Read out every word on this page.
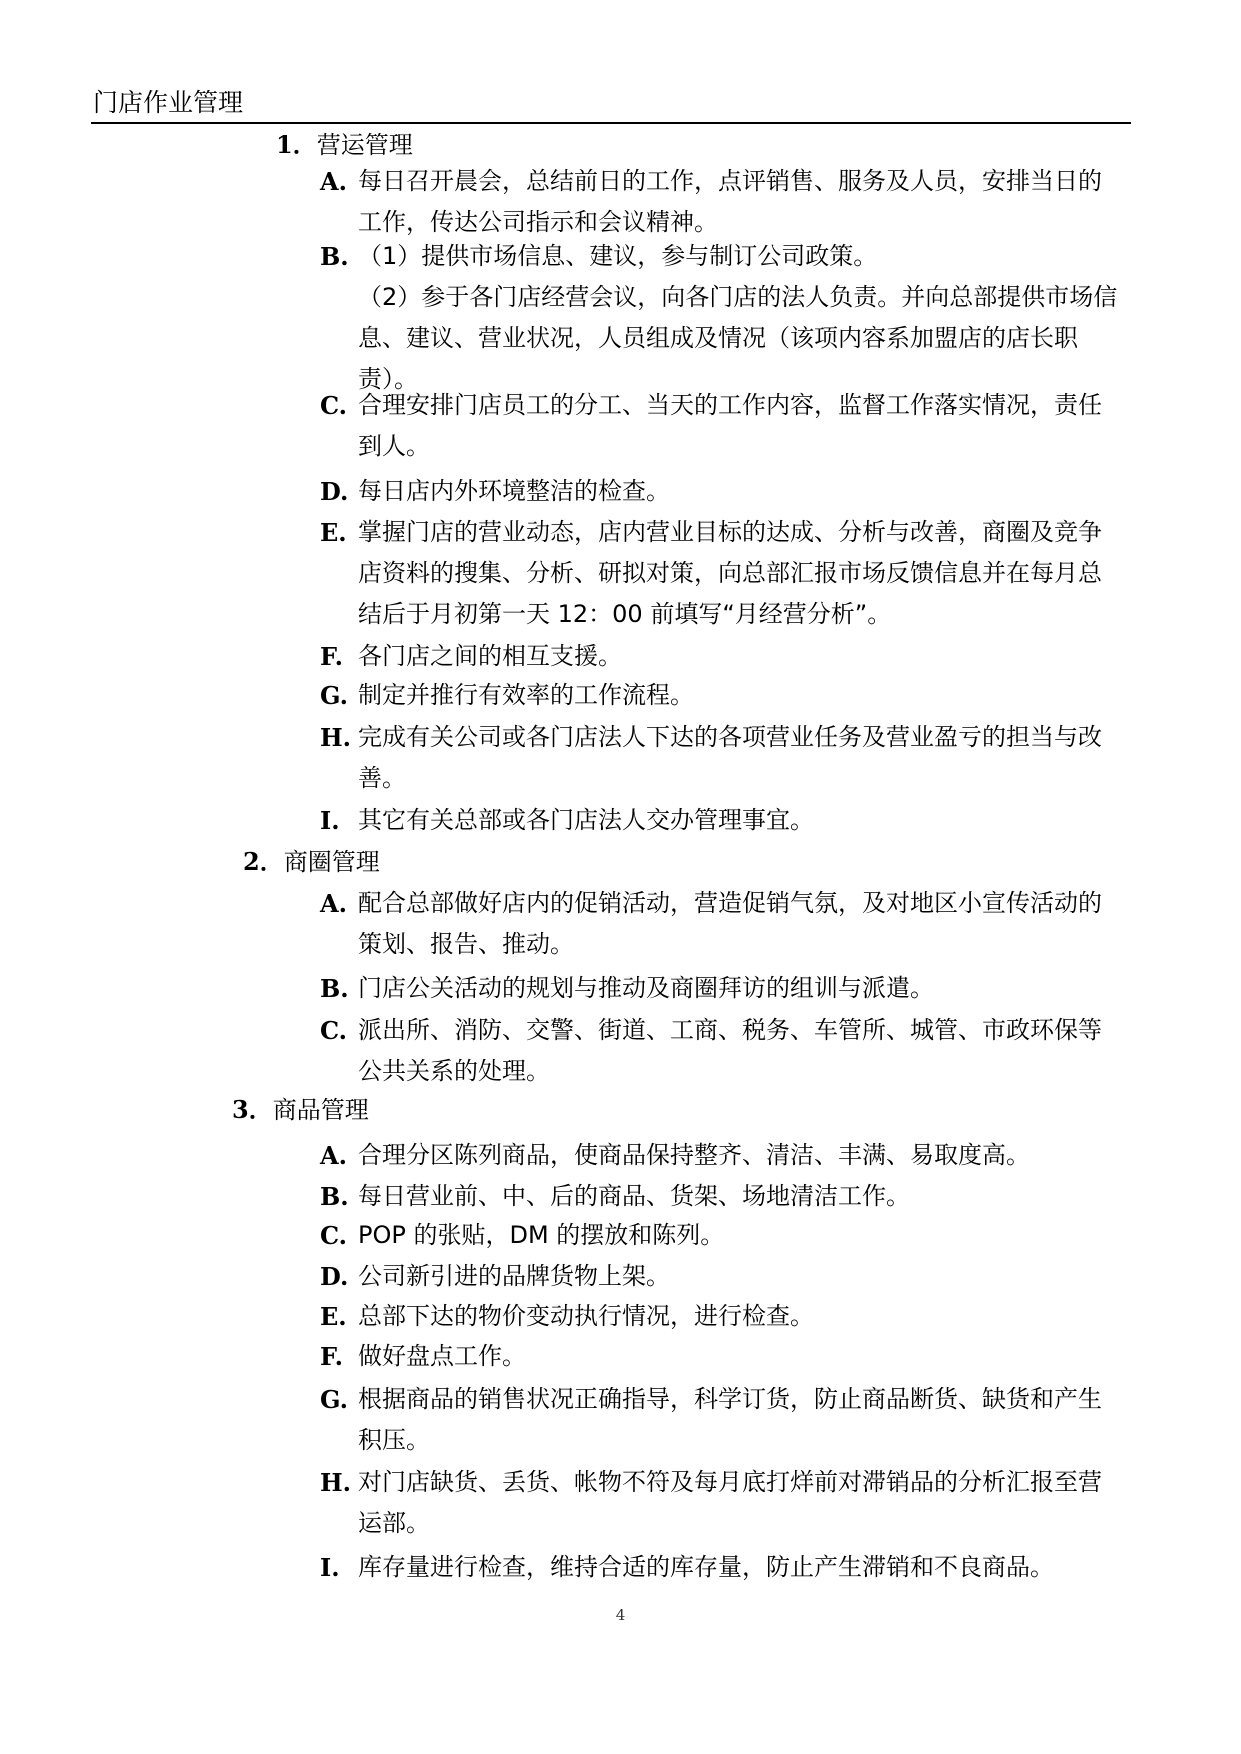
门店作业管理
1．营运管理
A. 每日召开晨会，总结前日的工作，点评销售、服务及人员，安排当日的
工作，传达公司指示和会议精神。
B. （1）提供市场信息、建议，参与制订公司政策。
（2）参于各门店经营会议，向各门店的法人负责。并向总部提供市场信
息、建议、营业状况，人员组成及情况（该项内容系加盟店的店长职
责）。
C. 合理安排门店员工的分工、当天的工作内容，监督工作落实情况，责任
到人。
D. 每日店内外环境整洁的检查。
E. 掌握门店的营业动态，店内营业目标的达成、分析与改善，商圈及竞争
店资料的搜集、分析、研拟对策，向总部汇报市场反馈信息并在每月总
结后于月初第一天 12：00 前填写“月经营分析”。
F. 各门店之间的相互支援。
G. 制定并推行有效率的工作流程。
H. 完成有关公司或各门店法人下达的各项营业任务及营业盈亏的担当与改
善。
I. 其它有关总部或各门店法人交办管理事宜。
2．商圈管理
A. 配合总部做好店内的促销活动，营造促销气氛，及对地区小宣传活动的
策划、报告、推动。
B. 门店公关活动的规划与推动及商圈拜访的组训与派遣。
C. 派出所、消防、交警、街道、工商、税务、车管所、城管、市政环保等
公共关系的处理。
3．商品管理
A. 合理分区陈列商品，使商品保持整齐、清洁、丰满、易取度高。
B. 每日营业前、中、后的商品、货架、场地清洁工作。
C. POP 的张贴，DM 的摆放和陈列。
D. 公司新引进的品牌货物上架。
E. 总部下达的物价变动执行情况，进行检查。
F. 做好盘点工作。
G. 根据商品的销售状况正确指导，科学订货，防止商品断货、缺货和产生
积压。
H. 对门店缺货、丢货、帐物不符及每月底打烊前对滞销品的分析汇报至营
运部。
I. 库存量进行检查，维持合适的库存量，防止产生滞销和不良商品。
4
